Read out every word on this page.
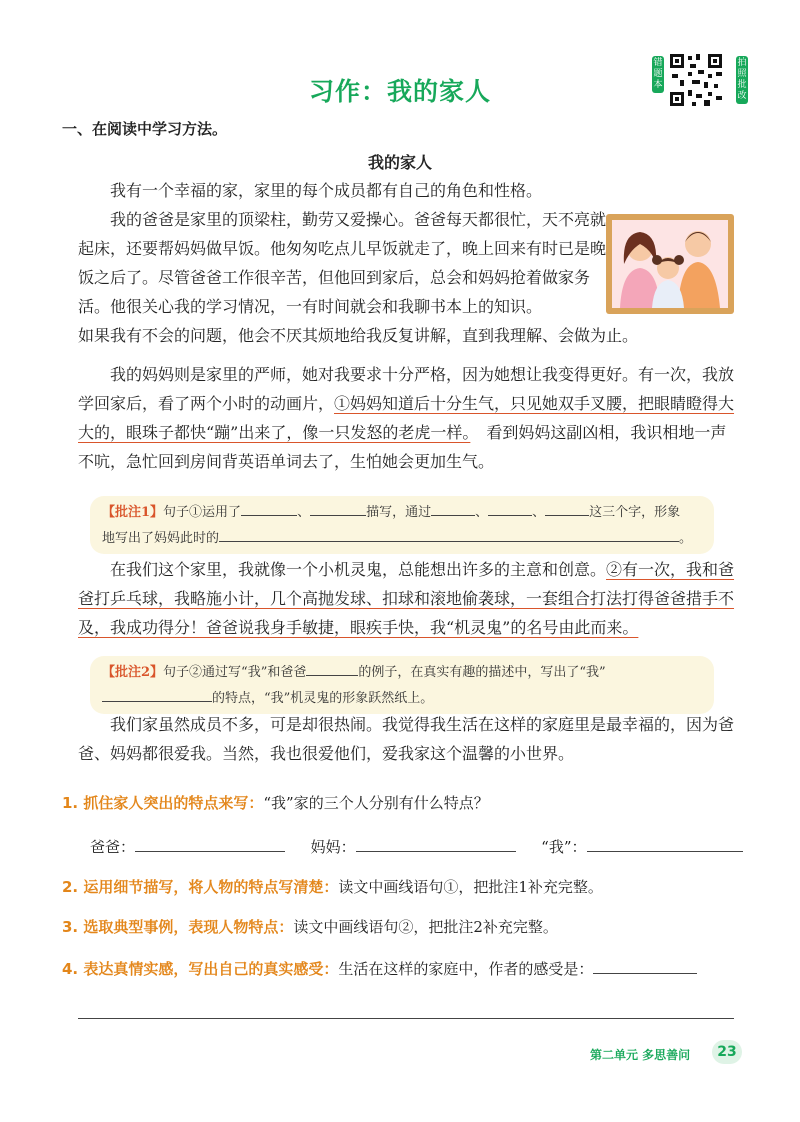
习作：我的家人
错题本
拍照批改
一、在阅读中学习方法。
我的家人
我有一个幸福的家，家里的每个成员都有自己的角色和性格。
我的爸爸是家里的顶梁柱，勤劳又爱操心。爸爸每天都很忙，天不亮就起床，还要帮妈妈做早饭。他匆匆吃点儿早饭就走了，晚上回来有时已是晚饭之后了。尽管爸爸工作很辛苦，但他回到家后，总会和妈妈抢着做家务活。他很关心我的学习情况，一有时间就会和我聊书本上的知识。
如果我有不会的问题，他会不厌其烦地给我反复讲解，直到我理解、会做为止。
我的妈妈则是家里的严师，她对我要求十分严格，因为她想让我变得更好。有一次，我放学回家后，看了两个小时的动画片，①妈妈知道后十分生气，只见她双手叉腰，把眼睛瞪得大大的，眼珠子都快“蹦”出来了，像一只发怒的老虎一样。　 看到妈妈这副凶相，我识相地一声不吭，急忙回到房间背英语单词去了，生怕她会更加生气。
【批注1】句子①运用了	、	描写，通过	、	、	这三个字，形象
地写出了妈妈此时的	。
在我们这个家里，我就像一个小机灵鬼，总能想出许多的主意和创意。②有一次，我和爸爸打乒乓球，我略施小计，几个高抛发球、扣球和滚地偷袭球，一套组合打法打得爸爸措手不及，我成功得分！爸爸说我身手敏捷，眼疾手快，我“机灵鬼”的名号由此而来。
【批注2】句子②通过写“我”和爸爸	的例子，在真实有趣的描述中，写出了“我”
的特点，“我”机灵鬼的形象跃然纸上。
我们家虽然成员不多，可是却很热闹。我觉得我生活在这样的家庭里是最幸福的，因为爸爸、妈妈都很爱我。当然，我也很爱他们，爱我家这个温馨的小世界。
1. 抓住家人突出的特点来写：“我”家的三个人分别有什么特点？
爸爸：	妈妈：	“我”：
2. 运用细节描写，将人物的特点写清楚：读文中画线语句①，把批注1补充完整。
3. 选取典型事例，表现人物特点：读文中画线语句②，把批注2补充完整。
4. 表达真情实感，写出自己的真实感受：生活在这样的家庭中，作者的感受是：
第二单元 多思善问	23
